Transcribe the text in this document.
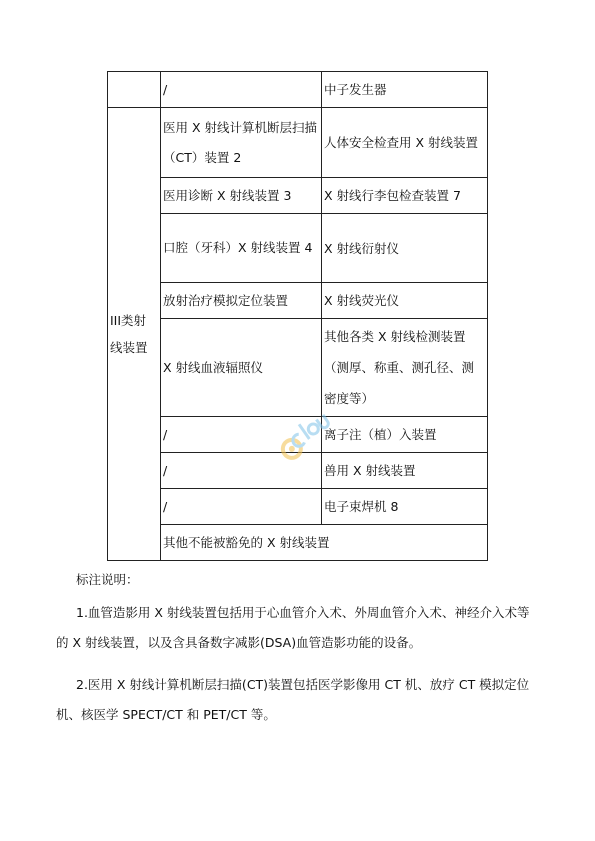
	/	中子发生器

III类射线装置	医用 X 射线计算机断层扫描（CT）装置 2	人体安全检查用 X 射线装置

	医用诊断 X 射线装置 3	X 射线行李包检查装置 7

	口腔（牙科）X 射线装置 4	X 射线衍射仪

	放射治疗模拟定位装置	X 射线荧光仪

	X 射线血液辐照仪	其他各类 X 射线检测装置（测厚、称重、测孔径、测密度等）

	/	离子注（植）入装置

	/	兽用 X 射线装置

	/	电子束焊机 8

	其他不能被豁免的 X 射线装置	
标注说明：
1.血管造影用 X 射线装置包括用于心血管介入术、外周血管介入术、神经介入术等的 X 射线装置，以及含具备数字减影(DSA)血管造影功能的设备。
2.医用 X 射线计算机断层扫描(CT)装置包括医学影像用 CT 机、放疗 CT 模拟定位机、核医学 SPECT/CT 和 PET/CT 等。
